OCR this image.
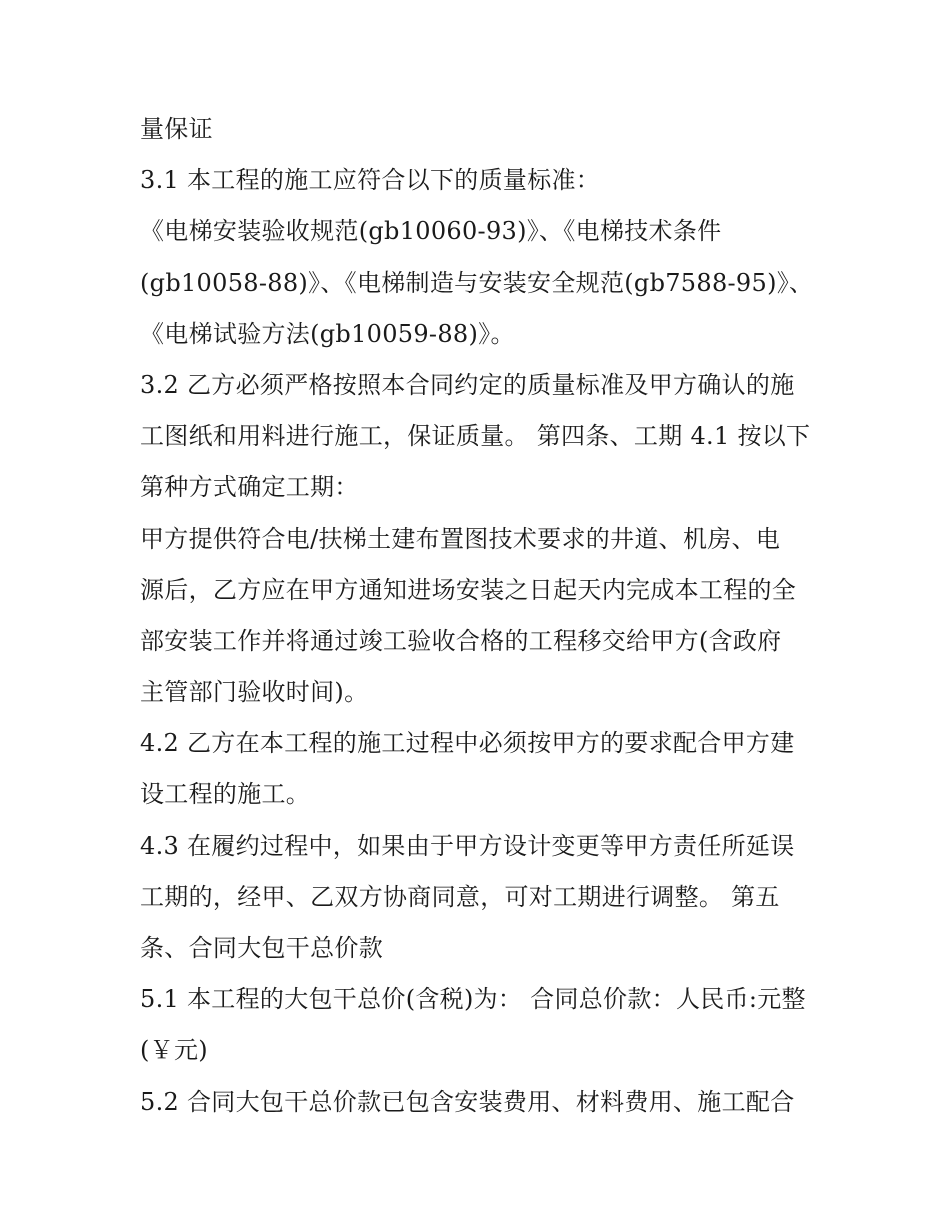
量保证
3.1 本工程的施工应符合以下的质量标准：
《电梯安装验收规范(gb10060-93)》、《电梯技术条件
(gb10058-88)》、《电梯制造与安装安全规范(gb7588-95)》、
《电梯试验方法(gb10059-88)》。
3.2 乙方必须严格按照本合同约定的质量标准及甲方确认的施
工图纸和用料进行施工，保证质量。 第四条、工期 4.1 按以下
第种方式确定工期：
甲方提供符合电/扶梯土建布置图技术要求的井道、机房、电
源后，乙方应在甲方通知进场安装之日起天内完成本工程的全
部安装工作并将通过竣工验收合格的工程移交给甲方(含政府
主管部门验收时间)。
4.2 乙方在本工程的施工过程中必须按甲方的要求配合甲方建
设工程的施工。
4.3 在履约过程中，如果由于甲方设计变更等甲方责任所延误
工期的，经甲、乙双方协商同意，可对工期进行调整。 第五
条、合同大包干总价款
5.1 本工程的大包干总价(含税)为： 合同总价款：人民币:元整
(￥元)
5.2 合同大包干总价款已包含安装费用、材料费用、施工配合
